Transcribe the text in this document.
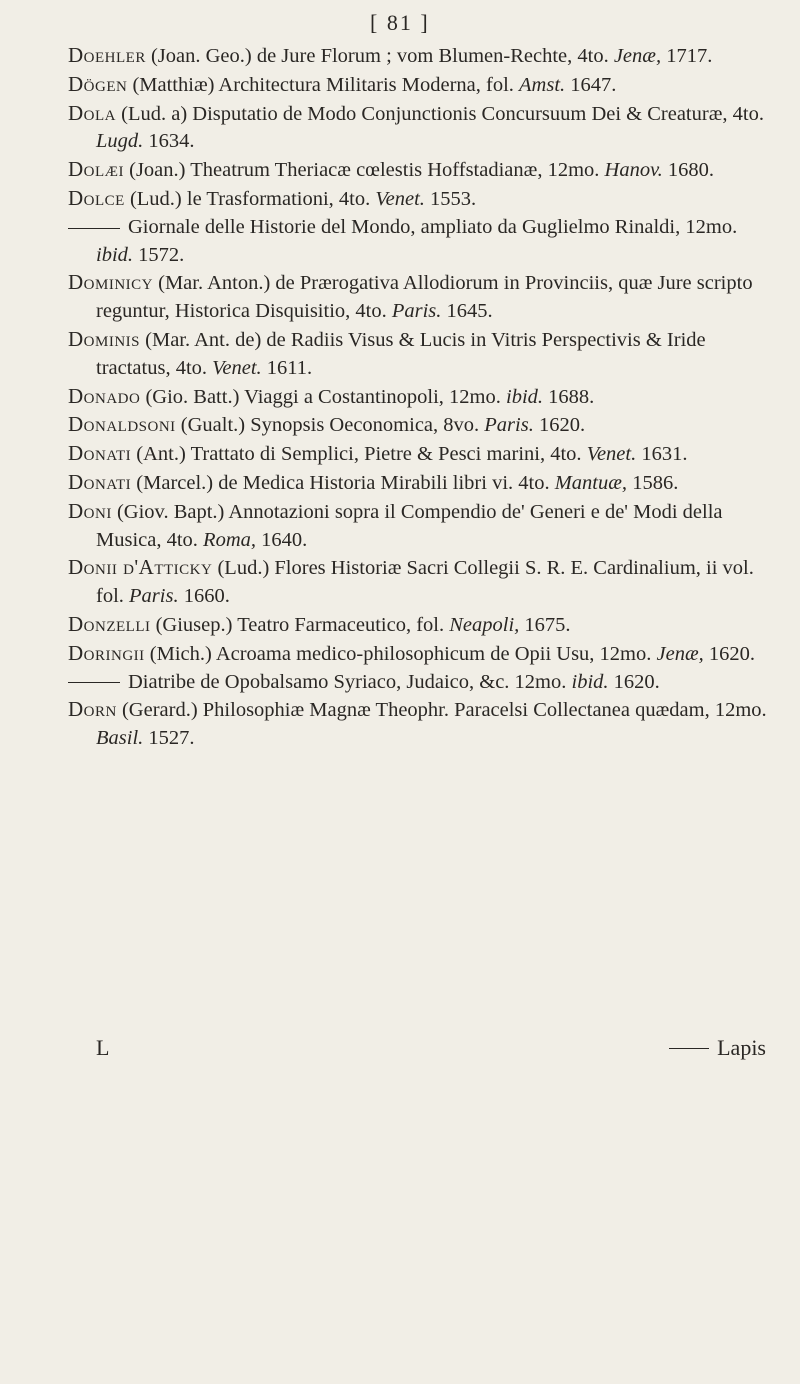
[ 81 ]

Doehler (Joan. Geo.) de Jure Florum ; vom Blumen-Rechte, 4to. Jenæ, 1717.

Dögen (Matthiæ) Architectura Militaris Moderna, fol. Amst. 1647.

Dola (Lud. a) Disputatio de Modo Conjunctionis Concursuum Dei & Creaturæ, 4to. Lugd. 1634.

Dolæi (Joan.) Theatrum Theriacæ cœlestis Hoffstadianæ, 12mo. Hanov. 1680.

Dolce (Lud.) le Trasformationi, 4to. Venet. 1553.

Giornale delle Historie del Mondo, ampliato da Guglielmo Rinaldi, 12mo. ibid. 1572.

Dominicy (Mar. Anton.) de Prærogativa Allodiorum in Provinciis, quæ Jure scripto reguntur, Historica Disquisitio, 4to. Paris. 1645.

Dominis (Mar. Ant. de) de Radiis Visus & Lucis in Vitris Perspectivis & Iride tractatus, 4to. Venet. 1611.

Donado (Gio. Batt.) Viaggi a Costantinopoli, 12mo. ibid. 1688.

Donaldsoni (Gualt.) Synopsis Oeconomica, 8vo. Paris. 1620.

Donati (Ant.) Trattato di Semplici, Pietre & Pesci marini, 4to. Venet. 1631.

Donati (Marcel.) de Medica Historia Mirabili libri vi. 4to. Mantuæ, 1586.

Doni (Giov. Bapt.) Annotazioni sopra il Compendio de' Generi e de' Modi della Musica, 4to. Roma, 1640.

Donii d'Atticky (Lud.) Flores Historiæ Sacri Collegii S. R. E. Cardinalium, ii vol. fol. Paris. 1660.

Donzelli (Giusep.) Teatro Farmaceutico, fol. Neapoli, 1675.

Doringii (Mich.) Acroama medico-philosophicum de Opii Usu, 12mo. Jenæ, 1620.

Diatribe de Opobalsamo Syriaco, Judaico, &c. 12mo. ibid. 1620.

Dorn (Gerard.) Philosophiæ Magnæ Theophr. Paracelsi Collectanea quædam, 12mo. Basil. 1527.

L	Lapis
